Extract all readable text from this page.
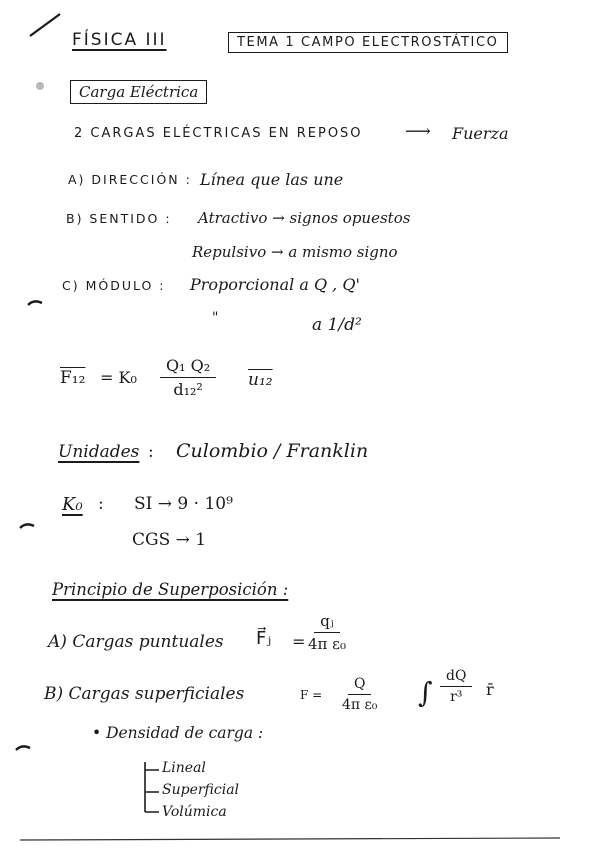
FÍSICA III	TEMA 1 CAMPO ELECTROSTÁTICO
Carga Eléctrica
2 CARGAS ELÉCTRICAS EN REPOSO ⟶ Fuerza
A) DIRECCIÓN : Línea que las une
B) SENTIDO : Atractivo → signos opuestos
Repulsivo → a mismo signo
C) MÓDULO : Proporcional a Q , Q'
"	a 1/d²
$F_{12} = K_0 \frac{\text{Q₁ Q₂}}{\text{d₁₂²}} u_{12}$
Unidades : Culombio / Franklin
K₀ : SI → 9 · 10⁹
CGS → 1
Principio de Superposición :
A) Cargas puntuales F⃗ⱼ = $\frac{\text{qⱼ}}{\text{4π ε₀}}$
B) Cargas superficiales	$F = \frac{Q}{\text{4π ε₀}}$ ∫ $\frac{dQ}{\text{r³}}$ r̄
• Densidad de carga :
Lineal
Superficial
Volúmica
